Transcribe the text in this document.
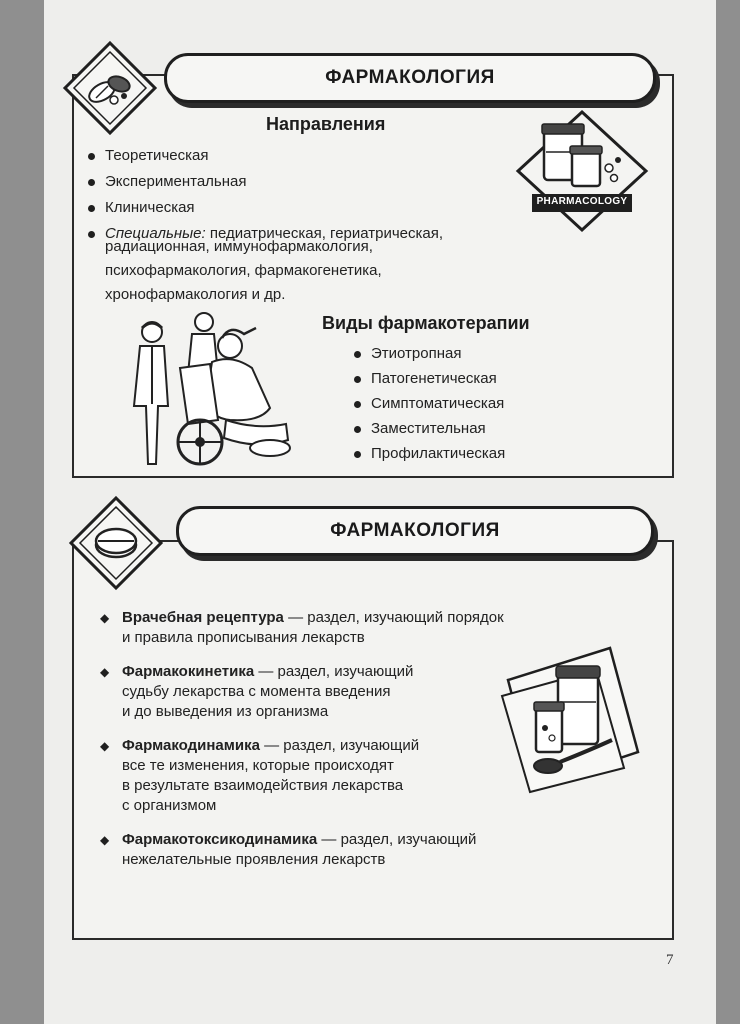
ФАРМАКОЛОГИЯ
Направления
Теоретическая
Экспериментальная
Клиническая
Специальные: педиатрическая, гериатрическая,
радиационная, иммунофармакология,
психофармакология, фармакогенетика,
хронофармакология и др.
PHARMACOLOGY
Виды фармакотерапии
Этиотропная
Патогенетическая
Симптоматическая
Заместительная
Профилактическая
ФАРМАКОЛОГИЯ
◆ Врачебная рецептура — раздел, изучающий порядок
и правила прописывания лекарств
◆ Фармакокинетика — раздел, изучающий
судьбу лекарства с момента введения
и до выведения из организма
◆ Фармакодинамика — раздел, изучающий
все те изменения, которые происходят
в результате взаимодействия лекарства
с организмом
◆ Фармакотоксикодинамика — раздел, изучающий
нежелательные проявления лекарств
7
